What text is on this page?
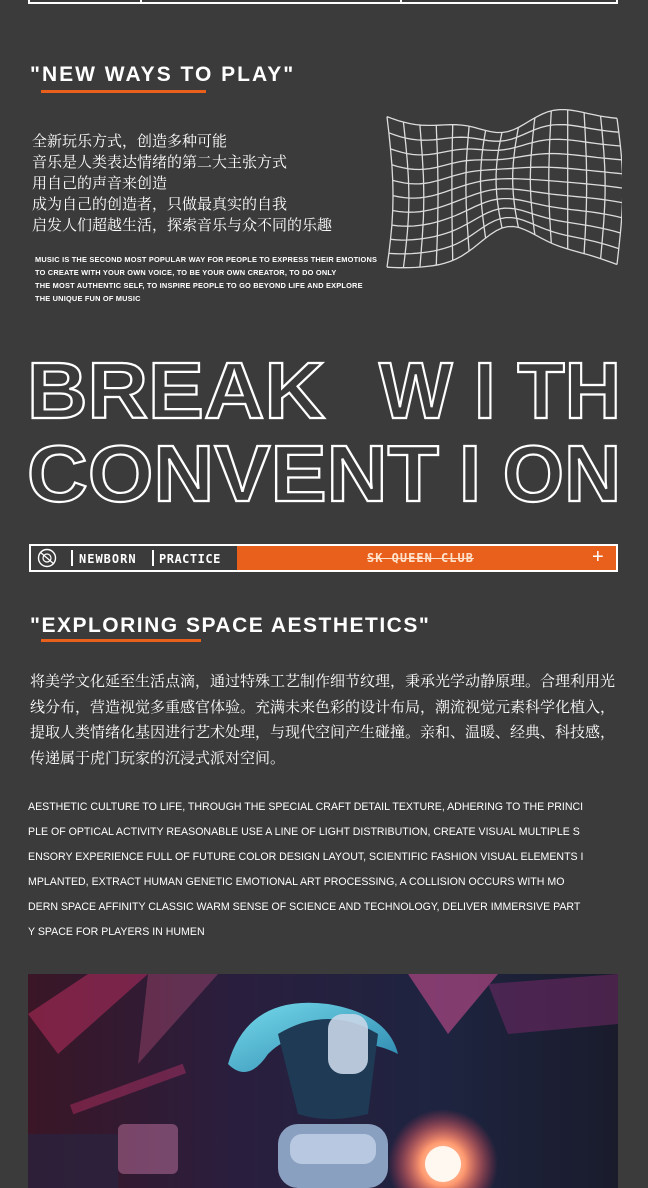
"NEW WAYS TO PLAY"
全新玩乐方式，创造多种可能
音乐是人类表达情绪的第二大主张方式
用自己的声音来创造
成为自己的创造者，只做最真实的自我
启发人们超越生活，探索音乐与众不同的乐趣
MUSIC IS THE SECOND MOST POPULAR WAY FOR PEOPLE TO EXPRESS THEIR EMOTIONS
TO CREATE WITH YOUR OWN VOICE, TO BE YOUR OWN CREATOR, TO DO ONLY
THE MOST AUTHENTIC SELF, TO INSPIRE PEOPLE TO GO BEYOND LIFE AND EXPLORE
THE UNIQUE FUN OF MUSIC
BREAK W I TH
CONVENT I ON
NEWBORN PRACTICE	SK QUEEN CLUB	+
"EXPLORING SPACE AESTHETICS"
将美学文化延至生活点滴，通过特殊工艺制作细节纹理，秉承光学动静原理。合理利用光线分布，营造视觉多重感官体验。充满未来色彩的设计布局，潮流视觉元素科学化植入，提取人类情绪化基因进行艺术处理，与现代空间产生碰撞。亲和、温暖、经典、科技感，传递属于虎门玩家的沉浸式派对空间。
AESTHETIC CULTURE TO LIFE, THROUGH THE SPECIAL CRAFT DETAIL TEXTURE, ADHERING TO THE PRINCI
PLE OF OPTICAL ACTIVITY REASONABLE USE A LINE OF LIGHT DISTRIBUTION, CREATE VISUAL MULTIPLE S
ENSORY EXPERIENCE FULL OF FUTURE COLOR DESIGN LAYOUT, SCIENTIFIC FASHION VISUAL ELEMENTS I
MPLANTED, EXTRACT HUMAN GENETIC EMOTIONAL ART PROCESSING, A COLLISION OCCURS WITH MO
DERN SPACE AFFINITY CLASSIC WARM SENSE OF SCIENCE AND TECHNOLOGY, DELIVER IMMERSIVE PART
Y SPACE FOR PLAYERS IN HUMEN
